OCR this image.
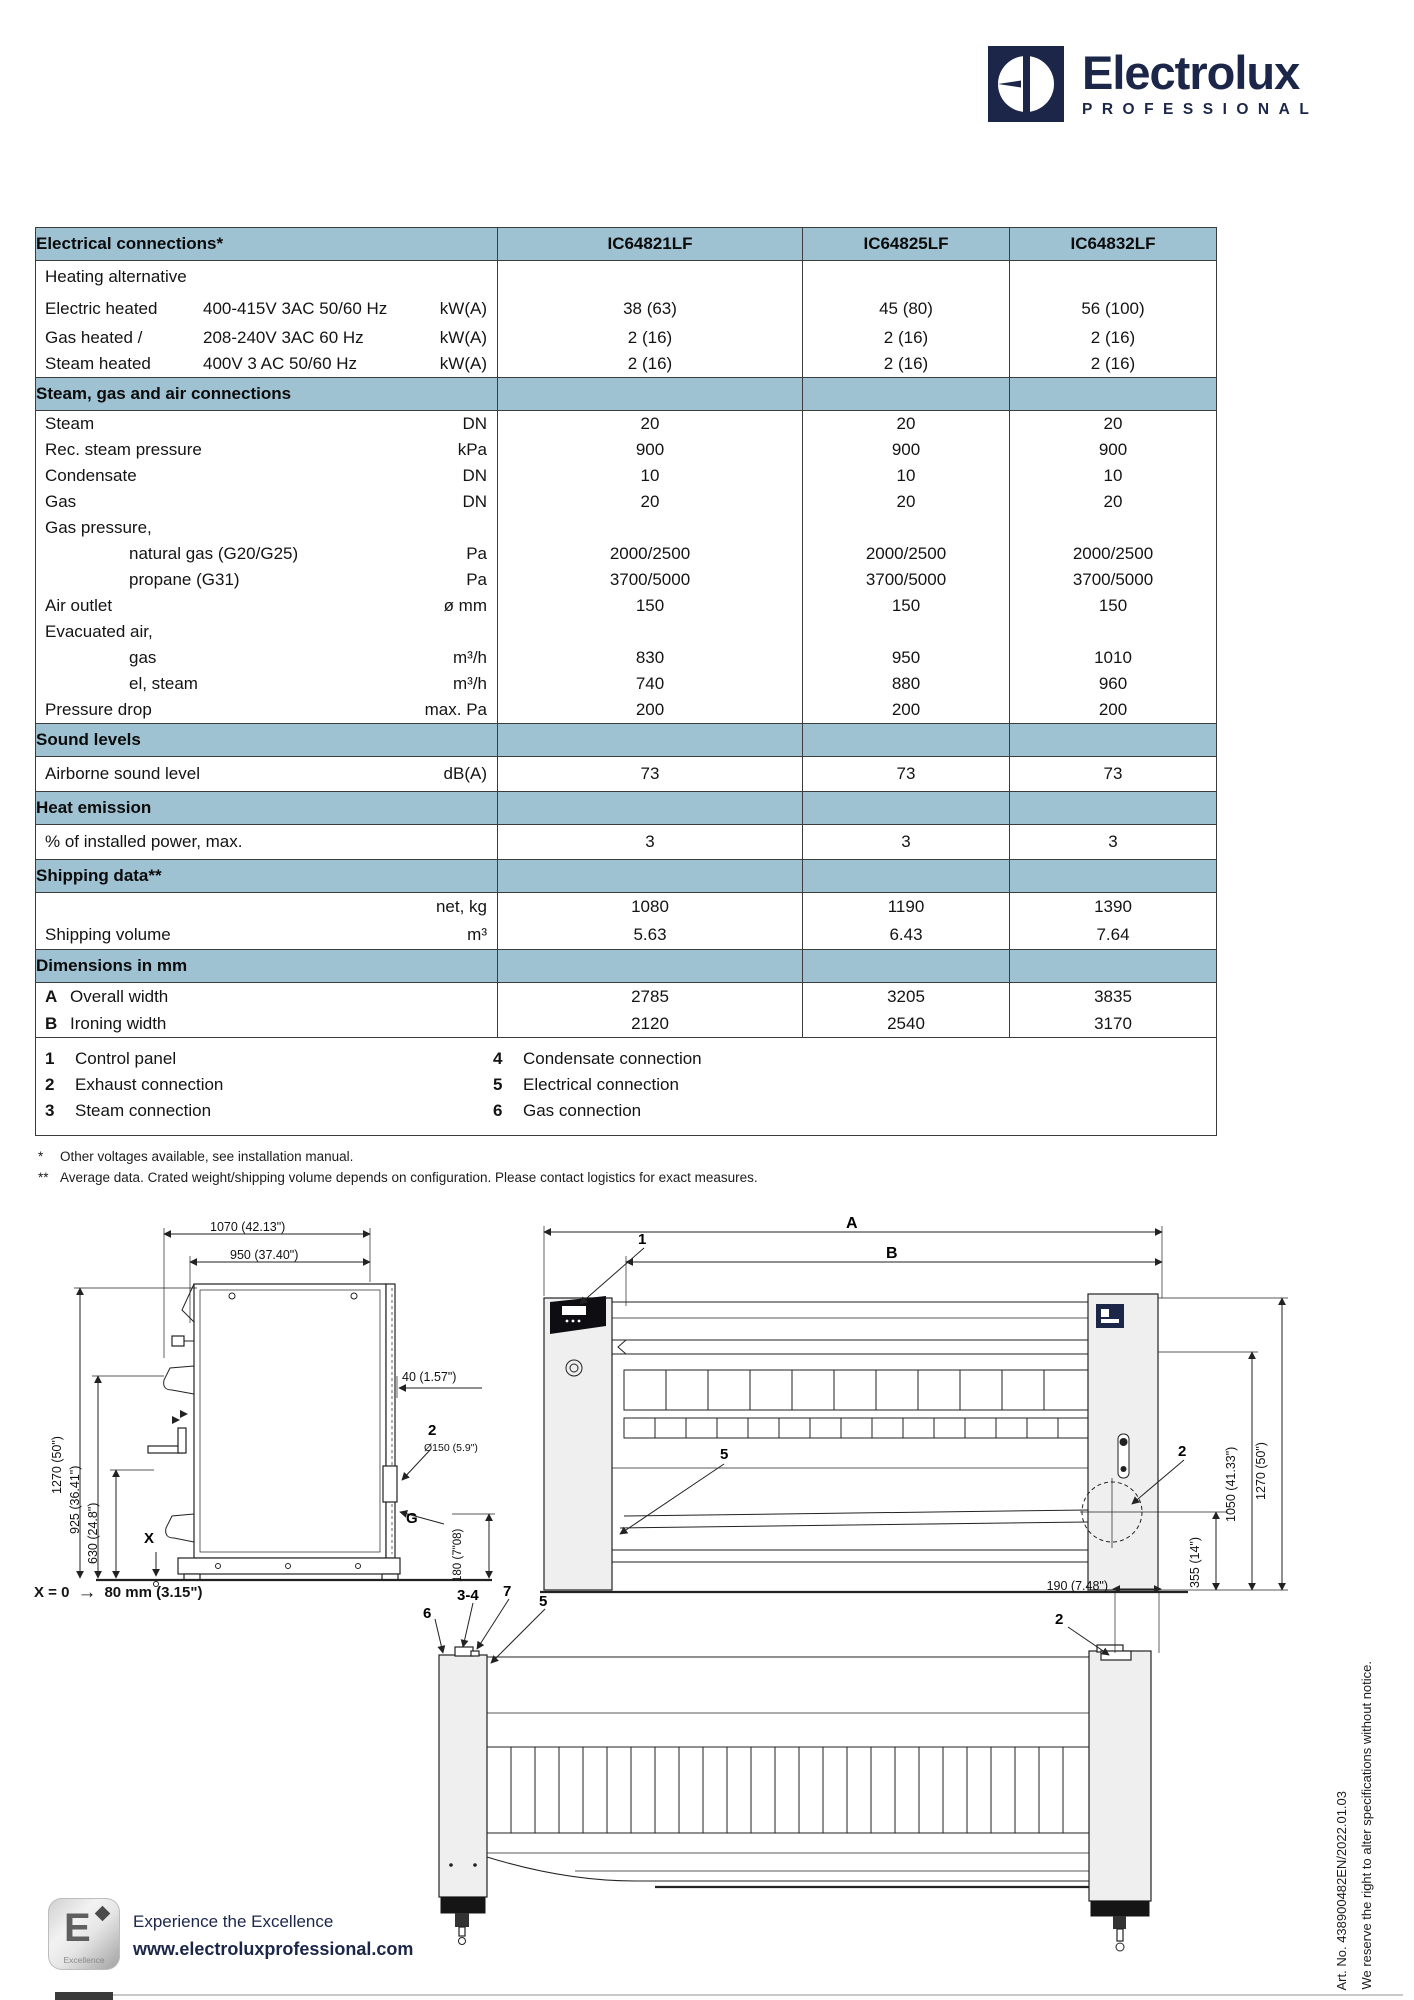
Electrolux
PROFESSIONAL
Electrical connections*	IC64821LF	IC64825LF	IC64832LF

Heating alternative			

Electric heated 400-415V 3AC 50/60 Hz kW(A)	38 (63)	45 (80)	56 (100)

Gas heated / 208-240V 3AC 60 Hz kW(A)	2 (16)	2 (16)	2 (16)

Steam heated 400V 3 AC 50/60 Hz kW(A)	2 (16)	2 (16)	2 (16)
Steam, gas and air connections			

Steam DN	20	20	20

Rec. steam pressure kPa	900	900	900

Condensate DN	10	10	10

Gas DN	20	20	20

Gas pressure,			

natural gas (G20/G25) Pa	2000/2500	2000/2500	2000/2500

propane (G31) Pa	3700/5000	3700/5000	3700/5000

Air outlet ø mm	150	150	150

Evacuated air,			

gas m³/h	830	950	1010

el, steam m³/h	740	880	960

Pressure drop max. Pa	200	200	200
Sound levels			

Airborne sound level dB(A)	73	73	73
Heat emission			

% of installed power, max.	3	3	3
Shipping data**			

net, kg	1080	1190	1390

Shipping volume m³	5.63	6.43	7.64
Dimensions in mm			

A Overall width	2785	3205	3835

B Ironing width	2120	2540	3170

1	Control panel
2	Exhaust connection
3	Steam connection
4	Condensate connection
5	Electrical connection
6	Gas connection
*	Other voltages available, see installation manual.
** Average data. Crated weight/shipping volume depends on configuration. Please contact logistics for exact measures.
1070 (42.13")
950 (37.40")
1270 (50")
925 (36.41") 630 (24.8")
40 (1.57")
2
Ø150 (5.9")
G
180 (7"08)
X
X = 0 → 80 mm (3.15")
A
B
1
5	2
355 (14")
1050 (41.33") 1270 (50")
190 (7.48")
2
6
3-4 7
5
Art. No. 438900482EN/2022.01.03 We reserve the right to alter specifications without notice.
E
Excellence
Experience the Excellence
www.electroluxprofessional.com
